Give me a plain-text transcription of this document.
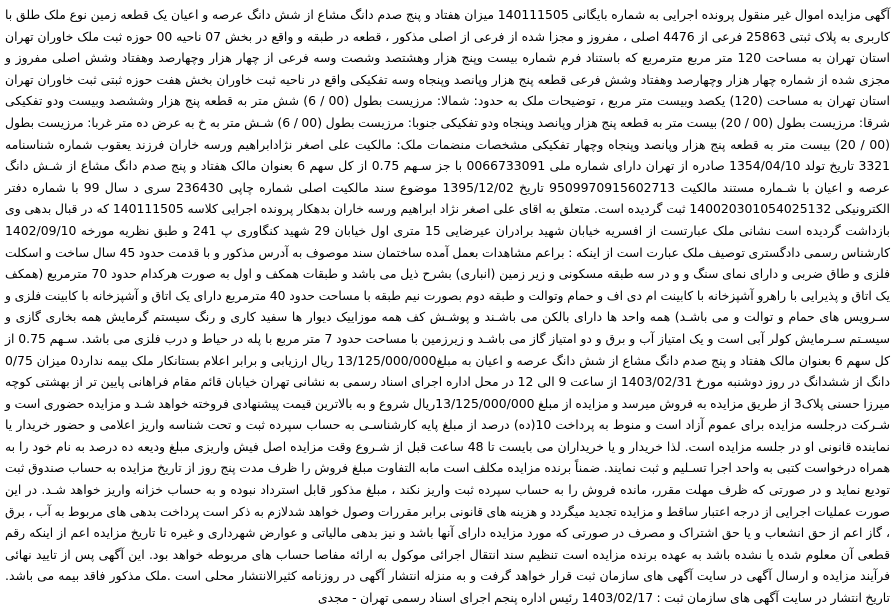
آگهی مزایده اموال غیر منقول پرونده اجرایی به شماره بایگانی 140111505 میزان هفتاد و پنج صدم دانگ مشاع از شش دانگ عرصه و اعیان یک قطعه زمین نوع ملک طلق با کاربری به پلاک ثبتی 25863 فرعی از 4476 اصلی ، مفروز و مجزا شده از فرعی از اصلی مذکور ، قطعه در طبقه و واقع در بخش 07 ناحیه 00 حوزه ثبت ملک خاوران تهران استان تهران به مساحت 120 متر مربع مترمربع که باستناد فرم شماره بیست وپنج هزار وهشتصد وشصت وسه فرعی از چهار هزار وچهارصد وهفتاد وشش اصلی مفروز و مجزی شده از شماره چهار هزار وچهارصد وهفتاد وشش فرعی قطعه پنج هزار وپانصد وپنجاه وسه تفکیکی واقع در ناحیه ثبت خاوران بخش هفت حوزه ثبتی ثبت خاوران تهران استان تهران به مساحت (120) یکصد وبیست متر مربع ، توضیحات ملک به حدود: شمالا: مرزیست بطول (00 / 6) شش متر به قطعه پنج هزار وششصد وبیست ودو تفکیکی شرقا: مرزیست بطول (00 / 20) بیست متر به قطعه پنج هزار وپانصد وپنجاه ودو تفکیکی جنوبا: مرزیست بطول (00 / 6) شـش متر به خ به عرض ده متر غربا: مرزیست بطول (00 / 20) بیست متر به قطعه پنج هزار وپانصد وپنجاه وچهار تفکیکی مشخصات منضمات ملک: مالکیت علی اصغر نژادابراهیم ورسه خاران فرزند یعقوب شماره شناسنامه 3321 تاریخ تولد 1354/04/10 صادره از تهران دارای شماره ملی 0066733091 با جز سـهم 0.75 از کل سهم 6 بعنوان مالک هفتاد و پنج صدم دانگ مشاع از شـش دانگ عرصه و اعیان با شـماره مستند مالکیت 9509970915602713 تاریخ 1395/12/02 موضوع سند مالکیت اصلی شماره چاپی 236430 سری د سال 99 با شماره دفتر الکترونیکی 140020301054025132 ثبت گردیده است. متعلق به اقای علی اصغر نژاد ابراهیم ورسه خاران بدهکار پرونده اجرایی کلاسه 140111505 که در قبال بدهی وی بازداشت گردیده است نشانی ملک عبارتست از افسریه خیابان شهید برادران عیرضایی 15 متری اول خیابان 29 شهید کنگاوری پ 241 و طبق نظریه مورخه 1402/09/10 کارشناس رسمی دادگستری توصیف ملک عبارت است از اینکه : براعم مشاهدات بعمل آمده ساختمان سند موصوف به آدرس مذکور و با قدمت حدود 45 سال ساخت و اسکلت فلزی و طاق ضربی و دارای نمای سنگ و و در سه طبقه مسکونی و زیر زمین (انباری) بشرح ذیل می باشد و طبقات همکف و اول به صورت هرکدام حدود 70 مترمربع (همکف یک اتاق و پذیرایی با راهرو آشپزخانه با کابینت ام دی اف و حمام وتوالت و طبقه دوم بصورت نیم طبقه با مساحت حدود 40 مترمربع دارای یک اتاق و آشپزخانه با کابینت فلزی و سـرویس های حمام و توالت و می باشـد) همه واحد ها دارای بالکن می باشـند و پوشـش کف همه موزاییک دیوار ها سفید کاری و رنگ سیستم گرمایش همه بخاری گازی و سیسـتم سـرمایش کولر آبی است و یک امتیاز آب و برق و دو امتیاز گاز می باشـد و زیرزمین با مساحت حدود 7 متر مربع با پله در حیاط و درب فلزی می باشد. سـهم 0.75 از کل سهم 6 بعنوان مالک هفتاد و پنج صدم دانگ مشاع از شش دانگ عرصه و اعیان به مبلغ13/125/000/000 ریال ارزیابی و برابر اعلام بستانکار ملک بیمه ندارد0 میزان 0/75 دانگ از ششدانگ در روز دوشنبه مورخ 1403/02/31 از ساعت 9 الی 12 در محل اداره اجرای اسناد رسمی به نشانی تهران خیابان قائم مقام فراهانی پایین تر از بهشتی کوچه میرزا حسنی پلاک3 از طریق مزایده به فروش میرسد و مزایده از مبلغ 13/125/000/000ریال شروع و به بالاترین قیمت پیشنهادی فروخته خواهد شـد و مزایده حضوری است و شـرکت درجلسه مزایده برای عموم آزاد است و منوط به پرداخت 10(ده) درصد از مبلغ پایه کارشناسـی به حساب سپرده ثبت و تحت شناسه واریز اعلامی و حضور خریدار یا نماینده قانونی او در جلسه مزایده است. لذا خریدار و یا خریداران می بایست تا 48 ساعت قبل از شـروع وقت مزایده اصل فیش واریزی مبلغ ودیعه ده درصد به نام خود را به همراه درخواست کتبی به واحد اجرا تسـلیم و ثبت نمایند. ضمناً برنده مزایده مکلف است مابه التفاوت مبلغ فروش را ظرف مدت پنج روز از تاریخ مزایده به حساب صندوق ثبت تودیع نماید و در صورتی که ظرف مهلت مقرر، مانده فروش را به حساب سپرده ثبت واریز نکند ، مبلغ مذکور قابل استرداد نبوده و به حساب خزانه واریز خواهد شـد. در این صورت عملیات اجرایی از درجه اعتبار ساقط و مزایده تجدید میگردد و هزینه های قانونی برابر مقررات وصول خواهد شدلازم به ذکر است پرداخت بدهی های مربوط به آب ، برق ، گاز اعم از حق انشعاب و یا حق اشتراک و مصرف در صورتی که مورد مزایده دارای آنها باشد و نیز بدهی مالیاتی و عوارض شهرداری و غیره تا تاریخ مزایده اعم از اینکه رقم قطعی آن معلوم شده یا نشده باشد به عهده برنده مزایده است تنظیم سند انتقال اجرائی موکول به ارائه مفاصا حساب های مربوطه خواهد بود. این آگهی پس از تایید نهائی فرآیند مزایده و ارسال آگهی در سایت آگهی های سازمان ثبت قرار خواهد گرفت و به منزله انتشار آگهی در روزنامه کثیرالانتشار محلی است .ملک مذکور فاقد بیمه می باشد. تاریخ انتشار در سایت آگهی های سازمان ثبت : 1403/02/17 رئیس اداره پنجم اجرای اسناد رسمی تهران - مجدی
